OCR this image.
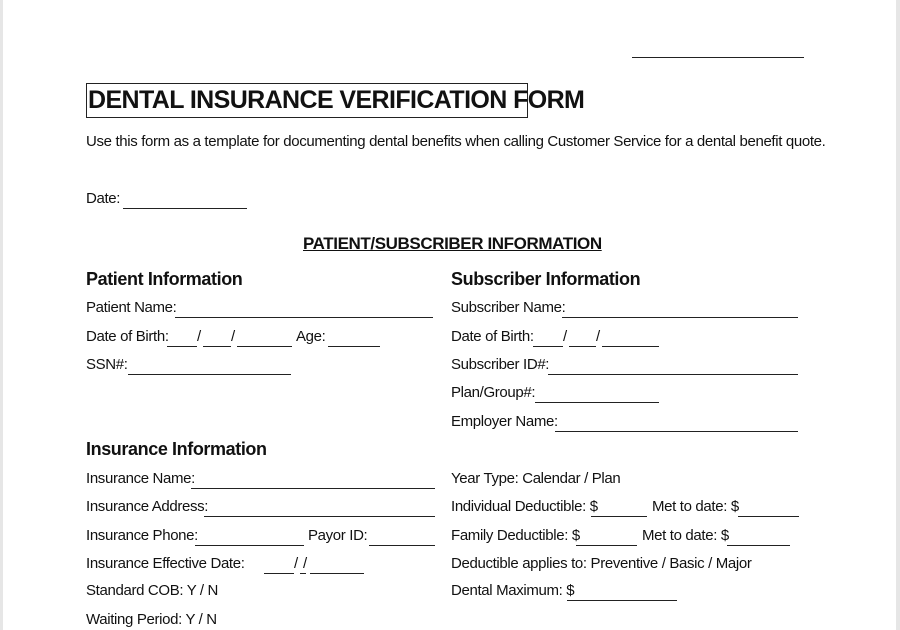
DENTAL INSURANCE VERIFICATION FORM
Use this form as a template for documenting dental benefits when calling Customer Service for a dental benefit quote.
Date:
PATIENT/SUBSCRIBER INFORMATION
Patient Information
Patient Name:
Date of Birth: / /	Age:
SSN#:
Subscriber Information
Subscriber Name:
Date of Birth: / /
Subscriber ID#:
Plan/Group#:
Employer Name:
Insurance Information
Insurance Name:
Insurance Address:
Insurance Phone:	Payor ID:
Insurance Effective Date:	/ /
Standard COB: Y / N
Waiting Period: Y / N
Year Type: Calendar / Plan
Individual Deductible: $	Met to date: $
Family Deductible: $	Met to date: $
Deductible applies to: Preventive / Basic / Major
Dental Maximum: $
